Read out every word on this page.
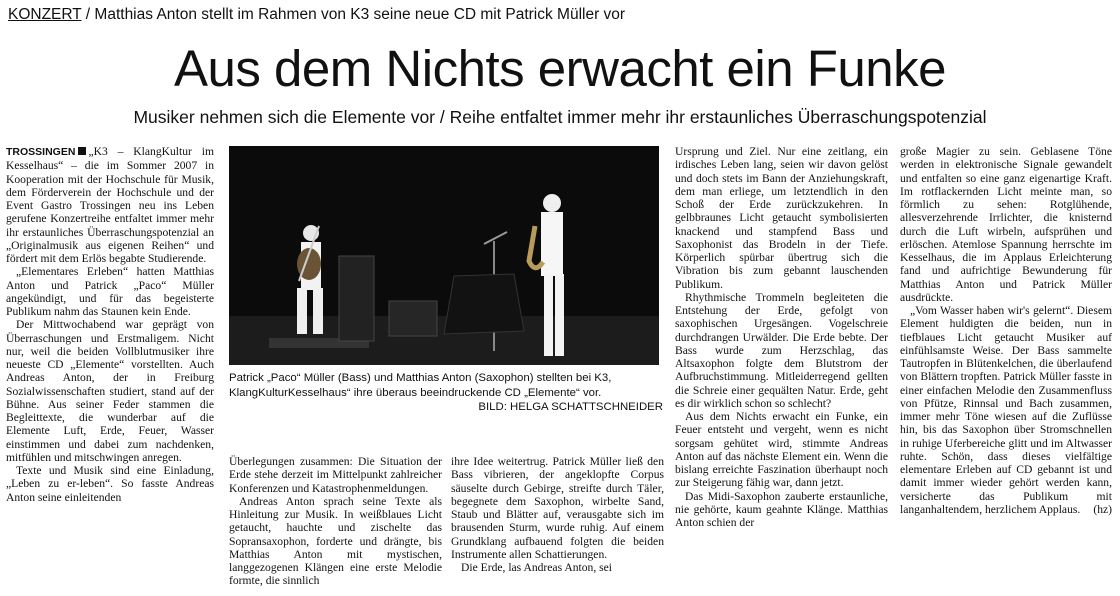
KONZERT / Matthias Anton stellt im Rahmen von K3 seine neue CD mit Patrick Müller vor
Aus dem Nichts erwacht ein Funke
Musiker nehmen sich die Elemente vor / Reihe entfaltet immer mehr ihr erstaunliches Überraschungspotenzial

TROSSINGEN „K3 – KlangKultur im Kesselhaus“ – die im Sommer 2007 in Kooperation mit der Hochschule für Musik, dem Förderverein der Hochschule und der Event Gastro Trossingen neu ins Leben gerufene Konzertreihe entfaltet immer mehr ihr erstaunliches Überraschungspotenzial an „Originalmusik aus eigenen Reihen“ und fördert mit dem Erlös begabte Studierende.

„Elementares Erleben“ hatten Matthias Anton und Patrick „Paco“ Müller angekündigt, und für das begeisterte Publikum nahm das Staunen kein Ende.

Der Mittwochabend war geprägt von Überraschungen und Erstmaligem. Nicht nur, weil die beiden Vollblutmusiker ihre neueste CD „Elemente“ vorstellten. Auch Andreas Anton, der in Freiburg Sozialwissenschaften studiert, stand auf der Bühne. Aus seiner Feder stammen die Begleittexte, die wunderbar auf die Elemente Luft, Erde, Feuer, Wasser einstimmen und dabei zum nachdenken, mitfühlen und mitschwingen anregen.

Texte und Musik sind eine Einladung, „Leben zu er-leben“. So fasste Andreas Anton seine einleitenden

Patrick „Paco“ Müller (Bass) und Matthias Anton (Saxophon) stellten bei K3, KlangKulturKesselhaus“ ihre überaus beeindruckende CD „Elemente“ vor.
BILD: HELGA SCHATTSCHNEIDER

Überlegungen zusammen: Die Situation der Erde stehe derzeit im Mittelpunkt zahlreicher Konferenzen und Katastrophenmeldungen.

Andreas Anton sprach seine Texte als Hinleitung zur Musik. In weißblaues Licht getaucht, hauchte und zischelte das Sopransaxophon, forderte und drängte, bis Matthias Anton mit mystischen, langgezogenen Klängen eine erste Melodie formte, die sinnlich

ihre Idee weitertrug. Patrick Müller ließ den Bass vibrieren, der angeklopfte Corpus säuselte durch Gebirge, streifte durch Täler, begegnete dem Saxophon, wirbelte Sand, Staub und Blätter auf, verausgabte sich im brausenden Sturm, wurde ruhig. Auf einem Grundklang aufbauend folgten die beiden Instrumente allen Schattierungen.

Die Erde, las Andreas Anton, sei

Ursprung und Ziel. Nur eine zeitlang, ein irdisches Leben lang, seien wir davon gelöst und doch stets im Bann der Anziehungskraft, dem man erliege, um letztendlich in den Schoß der Erde zurückzukehren. In gelbbraunes Licht getaucht symbolisierten knackend und stampfend Bass und Saxophonist das Brodeln in der Tiefe. Körperlich spürbar übertrug sich die Vibration bis zum gebannt lauschenden Publikum.

Rhythmische Trommeln begleiteten die Entstehung der Erde, gefolgt von saxophischen Urgesängen. Vogelschreie durchdrangen Urwälder. Die Erde bebte. Der Bass wurde zum Herzschlag, das Altsaxophon folgte dem Blutstrom der Aufbruchstimmung. Mitleiderregend gellten die Schreie einer gequälten Natur. Erde, geht es dir wirklich schon so schlecht?

Aus dem Nichts erwacht ein Funke, ein Feuer entsteht und vergeht, wenn es nicht sorgsam gehütet wird, stimmte Andreas Anton auf das nächste Element ein. Wenn die bislang erreichte Faszination überhaupt noch zur Steigerung fähig war, dann jetzt.

Das Midi-Saxophon zauberte erstaunliche, nie gehörte, kaum geahnte Klänge. Matthias Anton schien der

große Magier zu sein. Geblasene Töne werden in elektronische Signale gewandelt und entfalten so eine ganz eigenartige Kraft. Im rotflackernden Licht meinte man, so förmlich zu sehen: Rotglühende, allesverzehrende Irrlichter, die knisternd durch die Luft wirbeln, aufsprühen und erlöschen. Atemlose Spannung herrschte im Kesselhaus, die im Applaus Erleichterung fand und aufrichtige Bewunderung für Matthias Anton und Patrick Müller ausdrückte.

„Vom Wasser haben wir's gelernt“. Diesem Element huldigten die beiden, nun in tiefblaues Licht getaucht Musiker auf einfühlsamste Weise. Der Bass sammelte Tautropfen in Blütenkelchen, die überlaufend von Blättern tropften. Patrick Müller fasste in einer einfachen Melodie den Zusammenfluss von Pfütze, Rinnsal und Bach zusammen, immer mehr Töne wiesen auf die Zuflüsse hin, bis das Saxophon über Stromschnellen in ruhige Uferbereiche glitt und im Altwasser ruhte. Schön, dass dieses vielfältige elementare Erleben auf CD gebannt ist und damit immer wieder gehört werden kann, versicherte das Publikum mit langanhaltendem, herzlichem Applaus.	(hz)
